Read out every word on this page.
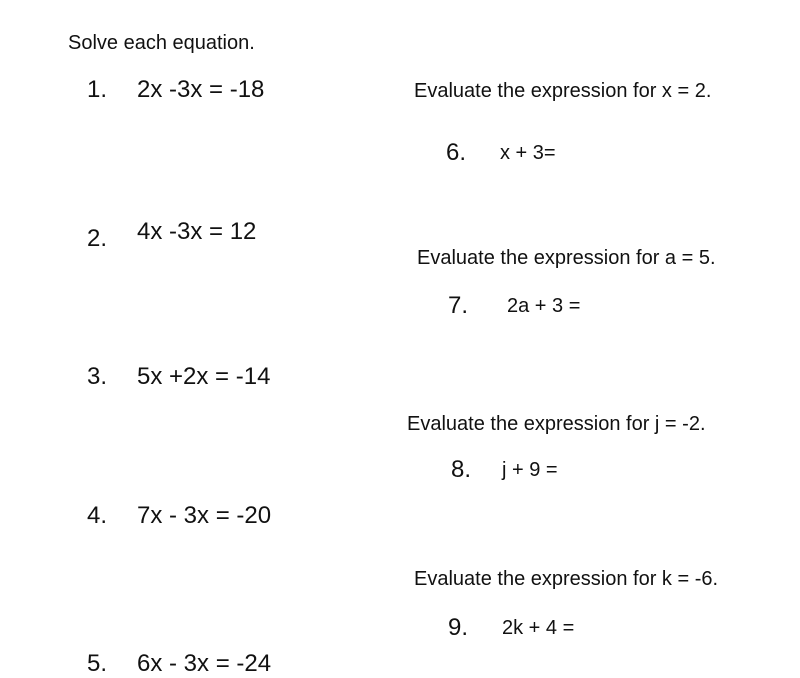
Solve each equation.
1. 2x -3x = -18
2. 4x -3x = 12
3. 5x +2x = -14
4. 7x - 3x = -20
5. 6x - 3x = -24
Evaluate the expression for x = 2.
6. x + 3=
Evaluate the expression for a = 5.
7. 2a + 3 =
Evaluate the expression for j = -2.
8. j + 9 =
Evaluate the expression for k = -6.
9. 2k + 4 =
